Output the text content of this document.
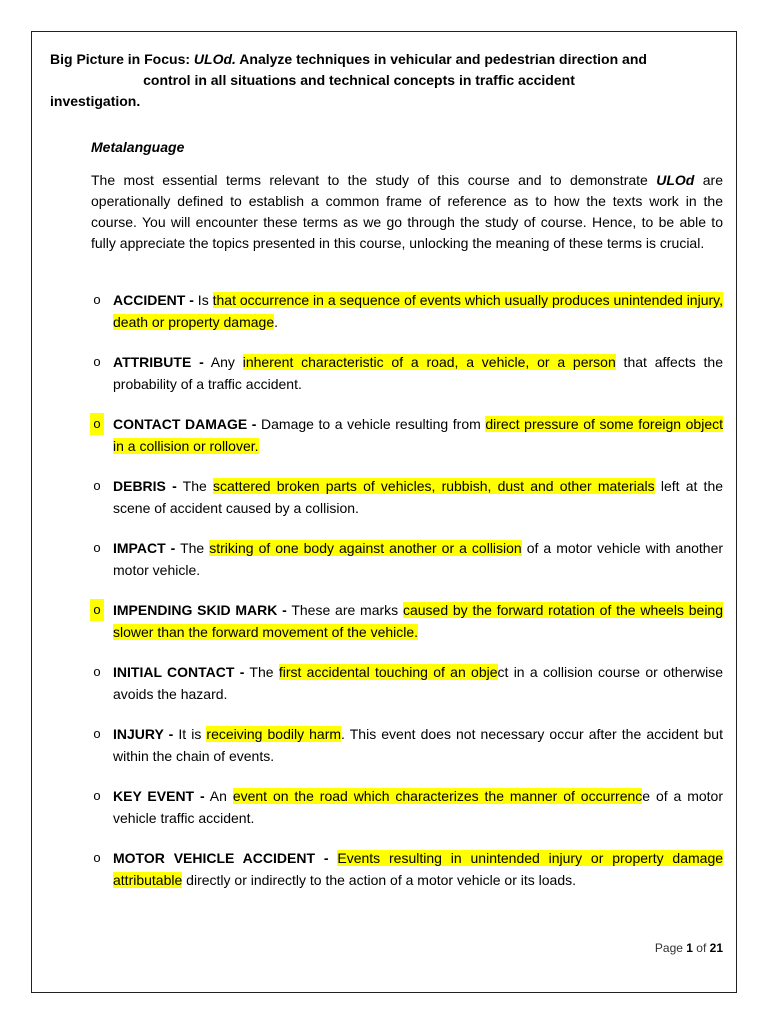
Big Picture in Focus: ULOd. Analyze techniques in vehicular and pedestrian direction and
control in all situations and technical concepts in traffic accident
investigation.
Metalanguage

The most essential terms relevant to the study of this course and to demonstrate ULOd are operationally defined to establish a common frame of reference as to how the texts work in the course. You will encounter these terms as we go through the study of course. Hence, to be able to fully appreciate the topics presented in this course, unlocking the meaning of these terms is crucial.

o ACCIDENT - Is that occurrence in a sequence of events which usually produces unintended injury, death or property damage.
o ATTRIBUTE - Any inherent characteristic of a road, a vehicle, or a person that affects the probability of a traffic accident.
o CONTACT DAMAGE - Damage to a vehicle resulting from direct pressure of some foreign object in a collision or rollover.
o DEBRIS - The scattered broken parts of vehicles, rubbish, dust and other materials left at the scene of accident caused by a collision.
o IMPACT - The striking of one body against another or a collision of a motor vehicle with another motor vehicle.
o IMPENDING SKID MARK - These are marks caused by the forward rotation of the wheels being slower than the forward movement of the vehicle.
o INITIAL CONTACT - The first accidental touching of an object in a collision course or otherwise avoids the hazard.
o INJURY - It is receiving bodily harm. This event does not necessary occur after the accident but within the chain of events.
o KEY EVENT - An event on the road which characterizes the manner of occurrence of a motor vehicle traffic accident.
o MOTOR VEHICLE ACCIDENT - Events resulting in unintended injury or property damage attributable directly or indirectly to the action of a motor vehicle or its loads.
Page 1 of 21
